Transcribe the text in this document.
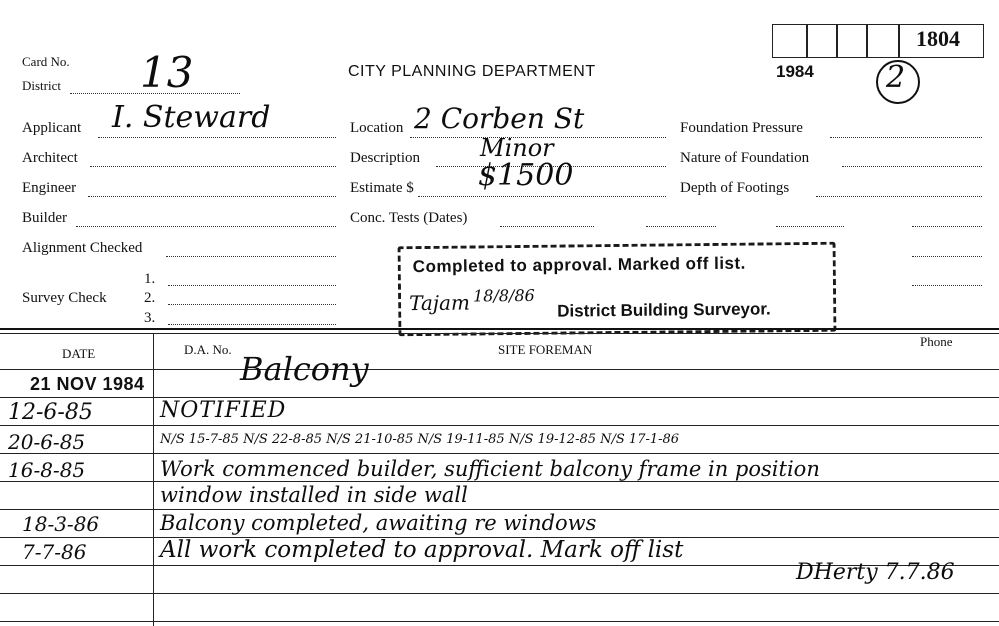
Card No.
District 13	CITY PLANNING DEPARTMENT	1984 2
1804
Applicant I. Steward
Architect
Engineer
Builder
Alignment Checked
Survey Check
1.
2.
3.
Location 2 Corben St
Description	Minor
Estimate $ $1500
Conc. Tests (Dates)
Foundation Pressure
Nature of Foundation
Depth of Footings
Completed to approval. Marked off list.
District Building Surveyor.
Tajam 18/8/86
DATE	D.A. No.	SITE FOREMAN
Phone
21 NOV 1984	Balcony
12-6-85	NOTIFIED
20-6-85	N/S 15-7-85 N/S 22-8-85 N/S 21-10-85 N/S 19-11-85 N/S 19-12-85 N/S 17-1-86
16-8-85	Work commenced builder, sufficient balcony frame in position
window installed in side wall
18-3-86	Balcony completed, awaiting re windows
7-7-86	All work completed to approval. Mark off list
DHerty 7.7.86
